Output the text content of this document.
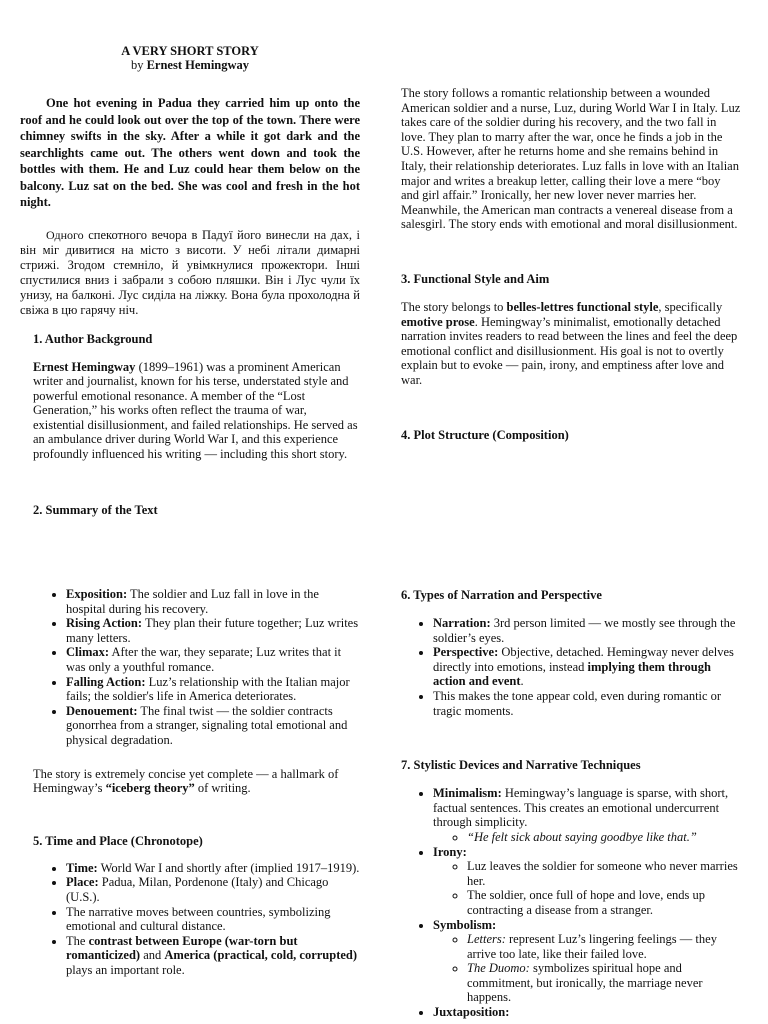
A VERY SHORT STORY
by Ernest Hemingway

One hot evening in Padua they carried him up onto the roof and he could look out over the top of the town. There were chimney swifts in the sky. After a while it got dark and the searchlights came out. The others went down and took the bottles with them. He and Luz could hear them below on the balcony. Luz sat on the bed. She was cool and fresh in the hot night.

Одного спекотного вечора в Падуї його винесли на дах, і він міг дивитися на місто з висоти. У небі літали димарні стрижі. Згодом стемніло, й увімкнулися прожектори. Інші спустилися вниз і забрали з собою пляшки. Він і Лус чули їх унизу, на балконі. Лус сиділа на ліжку. Вона була прохолодна й свіжа в цю гарячу ніч.

1. Author Background

Ernest Hemingway (1899–1961) was a prominent American writer and journalist, known for his terse, understated style and powerful emotional resonance. A member of the “Lost Generation,” his works often reflect the trauma of war, existential disillusionment, and failed relationships. He served as an ambulance driver during World War I, and this experience profoundly influenced his writing — including this short story.

2. Summary of the Text
• Exposition: The soldier and Luz fall in love in the hospital during his recovery.
• Rising Action: They plan their future together; Luz writes many letters.
• Climax: After the war, they separate; Luz writes that it was only a youthful romance.
• Falling Action: Luz’s relationship with the Italian major fails; the soldier's life in America deteriorates.
• Denouement: The final twist — the soldier contracts gonorrhea from a stranger, signaling total emotional and physical degradation.

The story is extremely concise yet complete — a hallmark of Hemingway’s “iceberg theory” of writing.

5. Time and Place (Chronotope)
• Time: World War I and shortly after (implied 1917–1919).
• Place: Padua, Milan, Pordenone (Italy) and Chicago (U.S.).
• The narrative moves between countries, symbolizing emotional and cultural distance.
• The contrast between Europe (war-torn but romanticized) and America (practical, cold, corrupted) plays an important role.

The story follows a romantic relationship between a wounded American soldier and a nurse, Luz, during World War I in Italy. Luz takes care of the soldier during his recovery, and the two fall in love. They plan to marry after the war, once he finds a job in the U.S. However, after he returns home and she remains behind in Italy, their relationship deteriorates. Luz falls in love with an Italian major and writes a breakup letter, calling their love a mere “boy and girl affair.” Ironically, her new lover never marries her. Meanwhile, the American man contracts a venereal disease from a salesgirl. The story ends with emotional and moral disillusionment.

3. Functional Style and Aim

The story belongs to belles-lettres functional style, specifically emotive prose. Hemingway’s minimalist, emotionally detached narration invites readers to read between the lines and feel the deep emotional conflict and disillusionment. His goal is not to overtly explain but to evoke — pain, irony, and emptiness after love and war.

4. Plot Structure (Composition)
6. Types of Narration and Perspective
• Narration: 3rd person limited — we mostly see through the soldier’s eyes.
• Perspective: Objective, detached. Hemingway never delves directly into emotions, instead implying them through action and event.
• This makes the tone appear cold, even during romantic or tragic moments.
7. Stylistic Devices and Narrative Techniques
• Minimalism: Hemingway’s language is sparse, with short, factual sentences. This creates an emotional undercurrent through simplicity.
◦ “He felt sick about saying goodbye like that.”
• Irony:
◦ Luz leaves the soldier for someone who never marries her.
◦ The soldier, once full of hope and love, ends up contracting a disease from a stranger.
• Symbolism:
◦ Letters: represent Luz’s lingering feelings — they arrive too late, like their failed love.
◦ The Duomo: symbolizes spiritual hope and commitment, but ironically, the marriage never happens.
• Juxtaposition:
